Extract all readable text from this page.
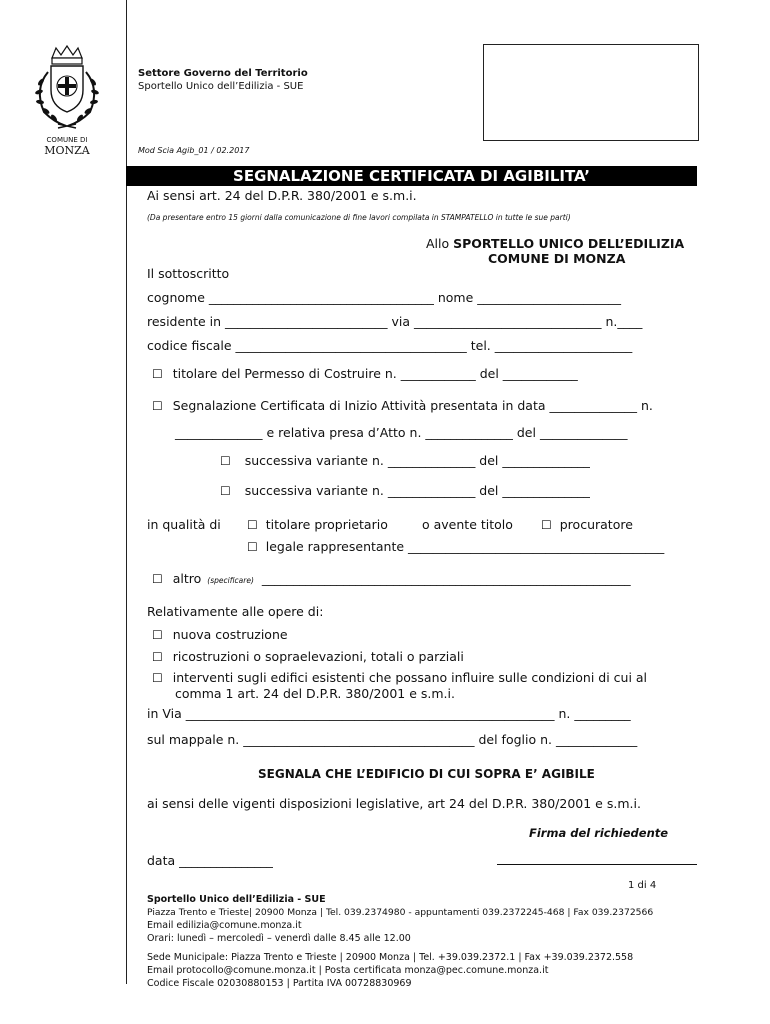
COMUNE DI
MONZA
Settore Governo del Territorio
Sportello Unico dell’Edilizia - SUE
Mod Scia Agib_01 / 02.2017
SEGNALAZIONE CERTIFICATA DI AGIBILITA’
Ai sensi art. 24 del D.P.R. 380/2001 e s.m.i.
(Da presentare entro 15 giorni dalla comunicazione di fine lavori compilata in STAMPATELLO in tutte le sue parti)
Allo SPORTELLO UNICO DELL’EDILIZIA
COMUNE DI MONZA
Il sottoscritto
cognome ____________________________________ nome _______________________
residente in __________________________ via ______________________________ n.____
codice fiscale _____________________________________ tel. ______________________
☐ titolare del Permesso di Costruire n. ____________ del ____________
☐ Segnalazione Certificata di Inizio Attività presentata in data ______________ n.
______________ e relativa presa d’Atto n. ______________ del ______________
☐ successiva variante n. ______________ del ______________
☐ successiva variante n. ______________ del ______________
in qualità di ☐ titolare proprietario	o avente titolo ☐ procuratore
☐ legale rappresentante _________________________________________
☐ altro (specificare) ___________________________________________________________
Relativamente alle opere di:
☐ nuova costruzione
☐ ricostruzioni o sopraelevazioni, totali o parziali
☐ interventi sugli edifici esistenti che possano influire sulle condizioni di cui al
comma 1 art. 24 del D.P.R. 380/2001 e s.m.i.
in Via ___________________________________________________________ n. _________
sul mappale n. _____________________________________ del foglio n. _____________
SEGNALA CHE L’EDIFICIO DI CUI SOPRA E’ AGIBILE
ai sensi delle vigenti disposizioni legislative, art 24 del D.P.R. 380/2001 e s.m.i.
Firma del richiedente
data _______________
1 di 4
Sportello Unico dell’Edilizia - SUE
Piazza Trento e Trieste| 20900 Monza | Tel. 039.2374980 - appuntamenti 039.2372245-468 | Fax 039.2372566
Email edilizia@comune.monza.it
Orari: lunedì – mercoledì – venerdì dalle 8.45 alle 12.00
Sede Municipale: Piazza Trento e Trieste | 20900 Monza | Tel. +39.039.2372.1 | Fax +39.039.2372.558
Email protocollo@comune.monza.it | Posta certificata monza@pec.comune.monza.it
Codice Fiscale 02030880153 | Partita IVA 00728830969
